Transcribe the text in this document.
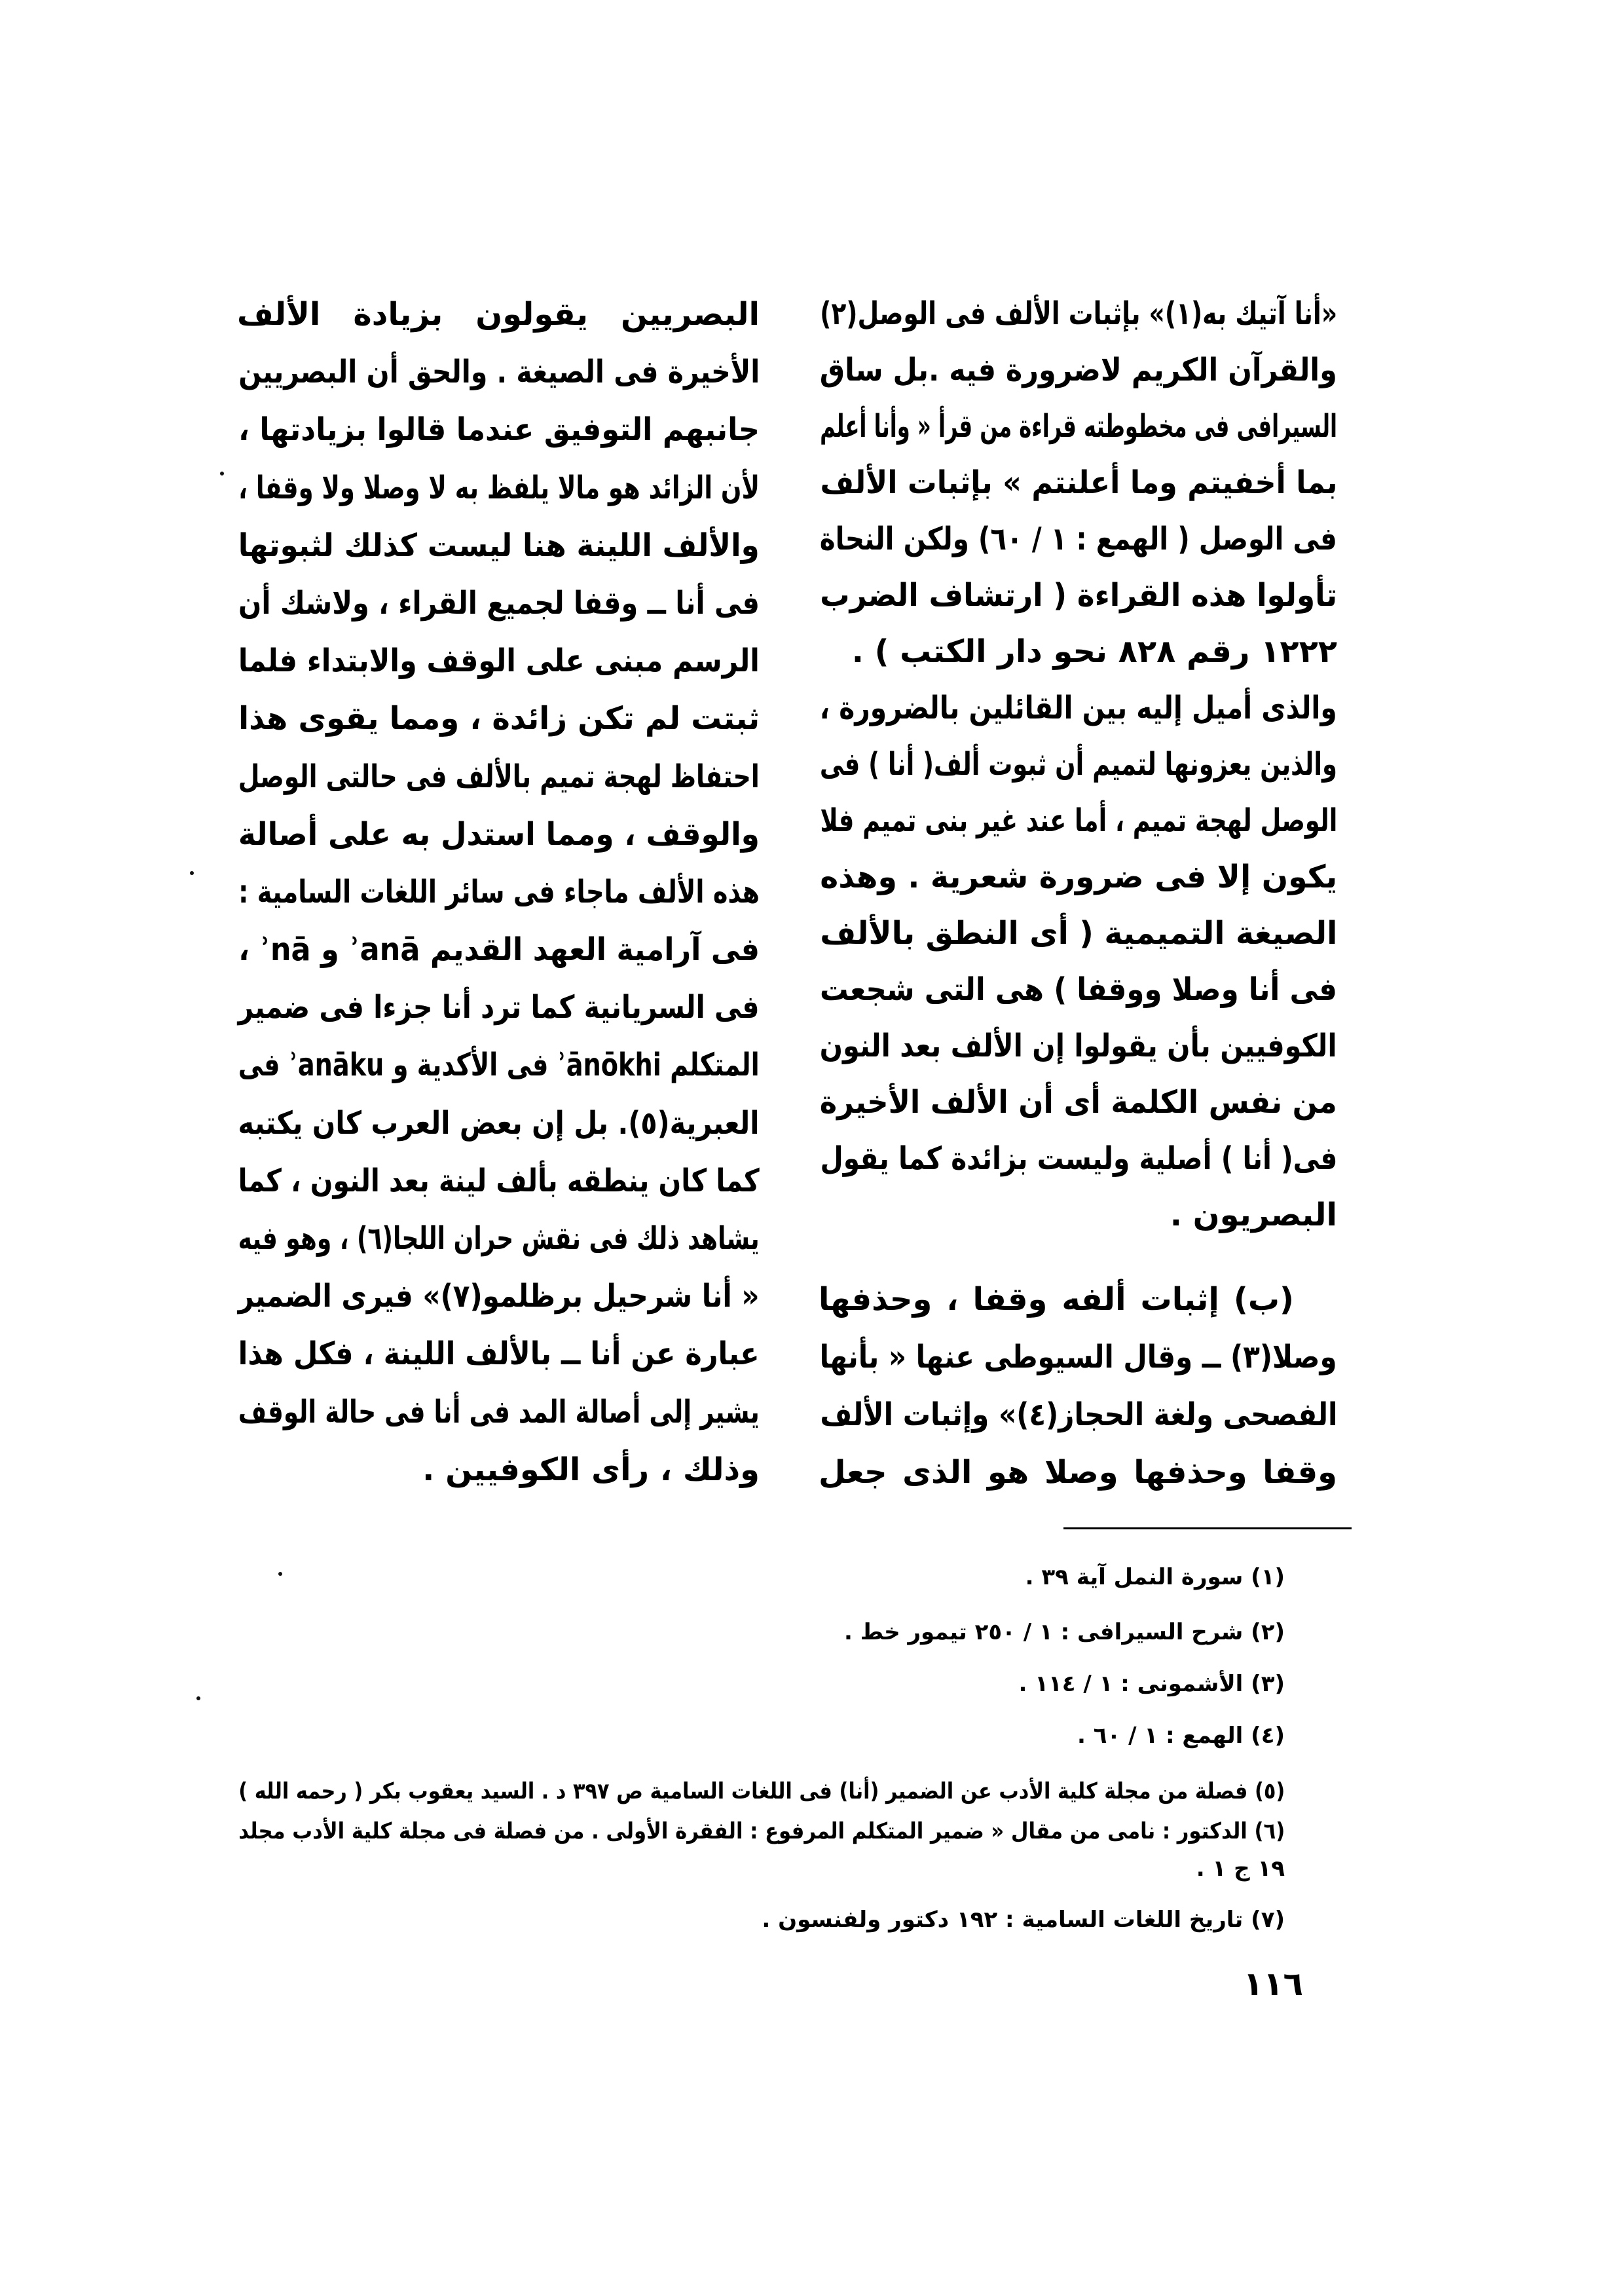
«أنا آتيك به(١)» بإثبات الألف فى الوصل(٢)
والقرآن الكريم لاضرورة فيه .بل ساق
السيرافى فى مخطوطته قراءة من قرأ « وأنا أعلم
بما أخفيتم وما أعلنتم » بإثبات الألف
فى الوصل ( الهمع : ١ / ٦٠) ولكن النحاة
تأولوا هذه القراءة ( ارتشاف الضرب
١٢٢٢ رقم ٨٢٨ نحو دار الكتب ) .
والذى أميل إليه بين القائلين بالضرورة ،
والذين يعزونها لتميم أن ثبوت ألف( أنا ) فى
الوصل لهجة تميم ، أما عند غير بنى تميم فلا
يكون إلا فى ضرورة شعرية . وهذه
الصيغة التميمية ( أى النطق بالألف
فى أنا وصلا ووقفا ) هى التى شجعت
الكوفيين بأن يقولوا إن الألف بعد النون
من نفس الكلمة أى أن الألف الأخيرة
فى( أنا ) أصلية وليست بزائدة كما يقول
البصريون .
(ب) إثبات ألفه وقفا ، وحذفها
وصلا(٣) ــ وقال السيوطى عنها « بأنها
الفصحى ولغة الحجاز(٤)» وإثبات الألف
وقفا وحذفها وصلا هو الذى جعل
البصريين يقولون بزيادة الألف
الأخيرة فى الصيغة . والحق أن البصريين
جانبهم التوفيق عندما قالوا بزيادتها ،
لأن الزائد هو مالا يلفظ به لا وصلا ولا وقفا ،
والألف اللينة هنا ليست كذلك لثبوتها
فى أنا ــ وقفا لجميع القراء ، ولاشك أن
الرسم مبنى على الوقف والابتداء فلما
ثبتت لم تكن زائدة ، ومما يقوى هذا
احتفاظ لهجة تميم بالألف فى حالتى الوصل
والوقف ، ومما استدل به على أصالة
هذه الألف ماجاء فى سائر اللغات السامية :
فى آرامية العهد القديم ʾanā و ʾnā ،
فى السريانية كما ترد أنا جزءا فى ضمير
المتكلم ʾānōkhi فى الأكدية و ʾanāku فى
العبرية(٥). بل إن بعض العرب كان يكتبه
كما كان ينطقه بألف لينة بعد النون ، كما
يشاهد ذلك فى نقش حران اللجا(٦) ، وهو فيه
« أنا شرحيل برظلمو(٧)» فيرى الضمير
عبارة عن أنا ــ بالألف اللينة ، فكل هذا
يشير إلى أصالة المد فى أنا فى حالة الوقف
وذلك ، رأى الكوفيين .
(١) سورة النمل آية ٣٩ .
(٢) شرح السيرافى : ١ / ٢٥٠ تيمور خط .
(٣) الأشمونى : ١ / ١١٤ .
(٤) الهمع : ١ / ٦٠ .
(٥) فصلة من مجلة كلية الأدب عن الضمير (أنا) فى اللغات السامية ص ٣٩٧ د . السيد يعقوب بكر ( رحمه الله )
(٦) الدكتور : نامى من مقال « ضمير المتكلم المرفوع : الفقرة الأولى . من فصلة فى مجلة كلية الأدب مجلد
١٩ ج ١ .
(٧) تاريخ اللغات السامية : ١٩٢ دكتور ولفنسون .
١١٦
